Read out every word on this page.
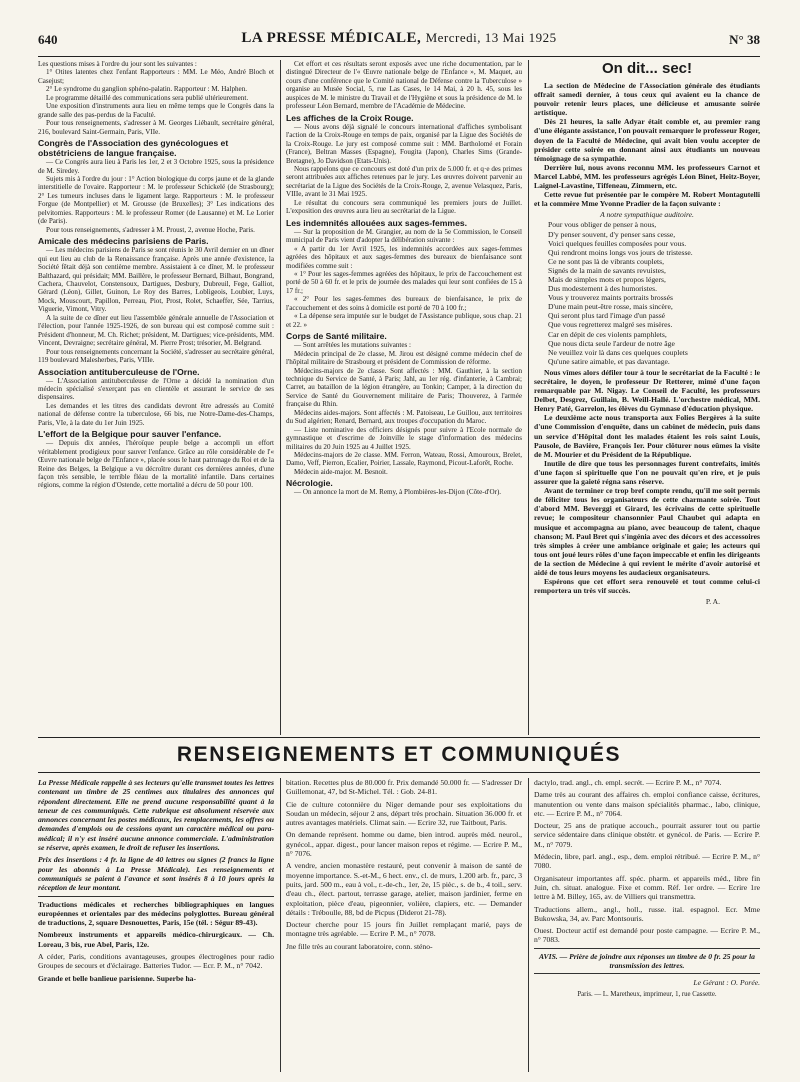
640	LA PRESSE MÉDICALE, Mercredi, 13 Mai 1925	N° 38

Les questions mises à l'ordre du jour sont les suivantes :

1° Otites latentes chez l'enfant Rapporteurs : MM. Le Méo, André Bloch et Casejust;

2° Le syndrome du ganglion sphéno-palatin. Rapporteur : M. Halphen.

Le programme détaillé des communications sera publié ultérieurement.

Une exposition d'instruments aura lieu en même temps que le Congrès dans la grande salle des pas-perdus de la Faculté.

Pour tous renseignements, s'adresser à M. Georges Liébault, secrétaire général, 216, boulevard Saint-Germain, Paris, VIIe.

Congrès de l'Association des gynécologues et obstétriciens de langue française.

— Ce Congrès aura lieu à Paris les 1er, 2 et 3 Octobre 1925, sous la présidence de M. Siredey.

Sujets mis à l'ordre du jour : 1° Action biologique du corps jaune et de la glande interstitielle de l'ovaire. Rapporteur : M. le professeur Schickelé (de Strasbourg); 2° Les tumeurs incluses dans le ligament large. Rapporteurs : M. le professeur Forgue (de Montpellier) et M. Grousse (de Bruxelles); 3° Les indications des pelvitomies. Rapporteurs : M. le professeur Romer (de Lausanne) et M. Le Lorier (de Paris).

Pour tous renseignements, s'adresser à M. Proust, 2, avenue Hoche, Paris.

Amicale des médecins parisiens de Paris.

— Les médecins parisiens de Paris se sont réunis le 30 Avril dernier en un dîner qui eut lieu au club de la Renaissance française. Après une année d'existence, la Société fêtait déjà son centième membre. Assistaient à ce dîner, M. le professeur Balthazard, qui présidait; MM. Baillère, le professeur Bernard, Bilhaut, Bongrand, Cachera, Chauvelot, Constensoux, Dartigues, Desbury, Dubreuil, Fege, Galliot, Gérard (Léon), Gillet, Guinon, Le Roy des Barres, Lobligeois, Loubier, Luys, Mock, Mouscourt, Papillon, Perreau, Piot, Prost, Rolet, Schaeffer, Sée, Tarrius, Viguerie, Vimont, Vitry.

A la suite de ce dîner eut lieu l'assemblée générale annuelle de l'Association et l'élection, pour l'année 1925-1926, de son bureau qui est composé comme suit : Président d'honneur, M. Ch. Richet; président, M. Dartigues; vice-présidents, MM. Vincent, Devraigne; secrétaire général, M. Pierre Prost; trésorier, M. Belgrand.

Pour tous renseignements concernant la Société, s'adresser au secrétaire général, 119 boulevard Malesherbes, Paris, VIIIe.

Association antituberculeuse de l'Orne.

— L'Association antituberculeuse de l'Orne a décidé la nomination d'un médecin spécialisé s'exerçant pas en clientèle et assurant le service de ses dispensaires.

Les demandes et les titres des candidats devront être adressés au Comité national de défense contre la tuberculose, 66 bis, rue Notre-Dame-des-Champs, Paris, VIe, à la date du 1er Juin 1925.

L'effort de la Belgique pour sauver l'enfance.

— Depuis dix années, l'héroïque peuple belge a accompli un effort véritablement prodigieux pour sauver l'enfance. Grâce au rôle considérable de l'« Œuvre nationale belge de l'Enfance », placée sous le haut patronage du Roi et de la Reine des Belges, la Belgique a vu décroître durant ces dernières années, d'une façon très sensible, le terrible fléau de la mortalité infantile. Dans certaines régions, comme la région d'Ostende, cette mortalité a décru de 50 pour 100.

Cet effort et ces résultats seront exposés avec une riche documentation, par le distingué Directeur de l'« Œuvre nationale belge de l'Enfance », M. Maquet, au cours d'une conférence que le Comité national de Défense contre la Tuberculose » organise au Musée Social, 5, rue Las Cases, le 14 Mai, à 20 h. 45, sous les auspices de M. le ministre du Travail et de l'Hygiène et sous la présidence de M. le professeur Léon Bernard, membre de l'Académie de Médecine.

Les affiches de la Croix Rouge.

— Nous avons déjà signalé le concours international d'affiches symbolisant l'action de la Croix-Rouge en temps de paix, organisé par la Ligue des Sociétés de la Croix-Rouge. Le jury est composé comme suit : MM. Bartholomé et Forain (France), Beltran Masses (Espagne), Fougita (Japon), Charles Sims (Grande-Bretagne), Jo Davidson (Etats-Unis).

Nous rappelons que ce concours est doté d'un prix de 5.000 fr. et q·e des primes seront attribuées aux affiches retenues par le jury. Les œuvres doivent parvenir au secrétariat de la Ligue des Sociétés de la Croix-Rouge, 2, avenue Velasquez, Paris, VIIIe, avant le 31 Mai 1925.

Le résultat du concours sera communiqué les premiers jours de Juillet. L'exposition des œuvres aura lieu au secrétariat de la Ligue.

Les indemnités allouées aux sages-femmes.

— Sur la proposition de M. Grangier, au nom de la 5e Commission, le Conseil municipal de Paris vient d'adopter la délibération suivante :

« A partir du 1er Avril 1925, les indemnités accordées aux sages-femmes agréées des hôpitaux et aux sages-femmes des bureaux de bienfaisance sont modifiées comme suit :

« 1° Pour les sages-femmes agréées des hôpitaux, le prix de l'accouchement est porté de 50 à 60 fr. et le prix de journée des malades qui leur sont confiées de 15 à 17 fr.;

« 2° Pour les sages-femmes des bureaux de bienfaisance, le prix de l'accouchement et des soins à domicile est porté de 70 à 100 fr.;

« La dépense sera imputée sur le budget de l'Assistance publique, sous chap. 21 et 22. »

Corps de Santé militaire.

— Sont arrêtées les mutations suivantes :

Médecin principal de 2e classe, M. Jirou est désigné comme médecin chef de l'hôpital militaire de Strasbourg et président de Commission de réforme.

Médecins-majors de 2e classe. Sont affectés : MM. Gauthier, à la section technique du Service de Santé, à Paris; Jahl, au 1er rég. d'infanterie, à Cambrai; Carret, au bataillon de la légion étrangère, au Tonkin; Camper, à la direction du Service de Santé du Gouvernement militaire de Paris; Thouverez, à l'armée française du Rhin.

Médecins aides-majors. Sont affectés : M. Patoiseau, Le Guillou, aux territoires du Sud algérien; Renard, Bernard, aux troupes d'occupation du Maroc.

— Liste nominative des officiers désignés pour suivre à l'Ecole normale de gymnastique et d'escrime de Joinville le stage d'information des médecins militaires du 20 Juin 1925 au 4 Juillet 1925.

Médecins-majors de 2e classe. MM. Ferron, Wateau, Rossi, Amouroux, Brelet, Damo, Veff, Pierron, Ecalier, Poirier, Lassale, Raymond, Picout-Laforêt, Roche.

Médecin aide-major. M. Besnoit.

Nécrologie.

— On annonce la mort de M. Remy, à Plombières-les-Dijon (Côte-d'Or).

On dit... sec!

La section de Médecine de l'Association générale des étudiants offrait samedi dernier, à tous ceux qui avaient eu la chance de pouvoir retenir leurs places, une délicieuse et amusante soirée artistique.

Dès 21 heures, la salle Adyar était comble et, au premier rang d'une élégante assistance, l'on pouvait remarquer le professeur Roger, doyen de la Faculté de Médecine, qui avait bien voulu accepter de présider cette soirée en donnant ainsi aux étudiants un nouveau témoignage de sa sympathie.

Derrière lui, nous avons reconnu MM. les professeurs Carnot et Marcel Labbé, MM. les professeurs agrégés Léon Binet, Heitz-Boyer, Laignel-Lavastine, Tiffeneau, Zimmern, etc.

Cette revue fut présentée par le compère M. Robert Montagutelli et la commère Mme Yvonne Pradier de la façon suivante :

A notre sympathique auditoire.
Pour vous obliger de penser à nous,
D'y penser souvent, d'y penser sans cesse,
Voici quelques feuilles composées pour vous.
Qui rendront moins longs vos jours de tristesse.
Ce ne sont pas là de vibrants couplets,
Signés de la main de savants revuistes,
Mais de simples mots et propos légers,
Dus modestement à des humoristes.
Vous y trouverez maints portraits brossés
D'une main peut-être rosse, mais sincère,
Qui seront plus tard l'image d'un passé
Que vous regretterez malgré ses misères.
Car en dépit de ces violents pamphlets,
Que nous dicta seule l'ardeur de notre âge
Ne veuillez voir là dans ces quelques couplets
Qu'une satire aimable, et pas davantage.

Nous vîmes alors défiler tour à tour le secrétariat de la Faculté : le secrétaire, le doyen, le professeur Dr Retterer, mimé d'une façon remarquable par M. Nigay. Le Conseil de Faculté, les professeurs Delbet, Desgrez, Guillain, B. Weill-Hallé. L'orchestre médical, MM. Henry Paté, Garrelon, les élèves du Gymnase d'éducation physique.

Le deuxième acte nous transporta aux Folies Bergères à la suite d'une Commission d'enquête, dans un cabinet de médecin, puis dans un service d'Hôpital dont les malades étaient les rois saint Louis, Pausole, de Bavière, François Ier. Pour clôturer nous eûmes la visite de M. Mourier et du Président de la République.

Inutile de dire que tous les personnages furent contrefaits, imités d'une façon si spirituelle que l'on ne pouvait qu'en rire, et je puis assurer que la gaieté régna sans réserve.

Avant de terminer ce trop bref compte rendu, qu'il me soit permis de féliciter tous les organisateurs de cette charmante soirée. Tout d'abord MM. Beverggi et Girard, les écrivains de cette spirituelle revue; le compositeur chansonnier Paul Chaubet qui adapta en musique et accompagna au piano, avec beaucoup de talent, chaque chanson; M. Paul Bret qui s'ingénia avec des décors et des accessoires très simples à créer une ambiance originale et gaie; les acteurs qui tous ont joué leurs rôles d'une façon impeccable et enfin les dirigeants de la section de Médecine à qui revient le mérite d'avoir autorisé et aidé de tous leurs moyens les audacieux organisateurs.

Espérons que cet effort sera renouvelé et tout comme celui-ci remportera un très vif succès.

P. A.
RENSEIGNEMENTS ET COMMUNIQUÉS

La Presse Médicale rappelle à ses lecteurs qu'elle transmet toutes les lettres contenant un timbre de 25 centimes aux titulaires des annonces qui répondent directement. Elle ne prend aucune responsabilité quant à la teneur de ces communiqués. Cette rubrique est absolument réservée aux annonces concernant les postes médicaux, les remplacements, les offres ou demandes d'emplois ou de cessions ayant un caractère médical ou para-médical; il n'y est inséré aucune annonce commerciale. L'administration se réserve, après examen, le droit de refuser les insertions.

Prix des insertions : 4 fr. la ligne de 40 lettres ou signes (2 francs la ligne pour les abonnés à La Presse Médicale). Les renseignements et communiqués se paient à l'avance et sont insérés 8 à 10 jours après la réception de leur montant.

Traductions médicales et recherches bibliographiques en langues européennes et orientales par des médecins polyglottes. Bureau général de traductions, 2, square Desnouettes, Paris, 15e (tél. : Ségur 89-43).

Nombreux instruments et appareils médico-chirurgicaux. — Ch. Loreau, 3 bis, rue Abel, Paris, 12e.

A céder, Paris, conditions avantageuses, groupes électrogènes pour radio Groupes de secours et d'éclairage. Batteries Tudor. — Ecr. P. M., n° 7042.

Grande et belle banlieue parisienne. Superbe ha-

bitation. Recettes plus de 80.000 fr. Prix demandé 50.000 fr. — S'adresser Dr Guillemonat, 47, bd St-Michel. Tél. : Gob. 24-81.

Cie de culture cotonnière du Niger demande pour ses exploitations du Soudan un médecin, séjour 2 ans, départ très prochain. Situation 36.000 fr. et autres avantages matériels. Climat sain. — Ecrire 32, rue Taitbout, Paris.

On demande représent. homme ou dame, bien introd. auprès méd. neurol., gynécol., appar. digest., pour lancer maison repos et régime. — Ecrire P. M., n° 7076.

A vendre, ancien monastère restauré, peut convenir à maison de santé de moyenne importance. S.-et-M., 6 hect. env., cl. de murs, 1.200 arb. fr., parc, 3 puits, jard. 500 m., eau à vol., r.-de-ch., 1er, 2e, 15 pièc., s. de b., 4 toil., serv. d'eau ch., élect. partout, terrasse garage, atelier, maison jardinier, ferme en exploitation, pièce d'eau, pigeonnier, volière, clapiers, etc. — Demander détails : Tréboulle, 88, bd de Picpus (Diderot 21-78).

Docteur cherche pour 15 jours fin Juillet remplaçant marié, pays de montagne très agréable. — Ecrire P. M., n° 7078.

Jne fille très au courant laboratoire, conn. sténo-

dactylo, trad. angl., ch. empl. secrét. — Ecrire P. M., n° 7074.

Dame très au courant des affaires ch. emploi confiance caisse, écritures, manutention ou vente dans maison spécialités pharmac., labo, clinique, etc. — Ecrire P. M., n° 7064.

Docteur, 25 ans de pratique accouch., pourrait assurer tout ou partie service sédentaire dans clinique obstétr. et gynécol. de Paris. — Ecrire P. M., n° 7079.

Médecin, libre, parl. angl., esp., dem. emploi rétribué. — Ecrire P. M., n° 7080.

Organisateur importantes aff. spéc. pharm. et appareils méd., libre fin Juin, ch. situat. analogue. Fixe et comm. Réf. 1er ordre. — Ecrire 1re lettre à M. Billey, 165, av. de Villiers qui transmettra.

Traductions allem., angl., holl., russe. ital. espagnol. Ecr. Mme Bukowska, 34, av. Parc Montsouris.

Ouest. Docteur actif est demandé pour poste campagne. — Ecrire P. M., n° 7083.

AVIS. — Prière de joindre aux réponses un timbre de 0 fr. 25 pour la transmission des lettres.
Le Gérant : O. Porée.
Paris. — L. Maretheux, imprimeur, 1, rue Cassette.
